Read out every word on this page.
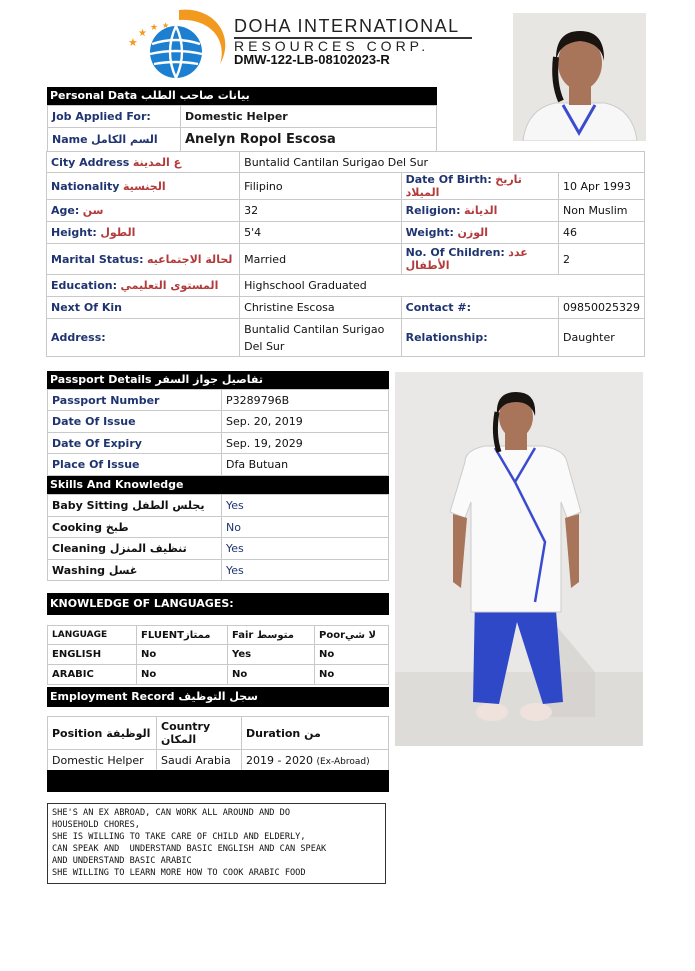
★
★ ★ ★	DOHA INTERNATIONAL
RESOURCES CORP.
DMW-122-LB-08102023-R
Personal Data بيانات صاحب الطلب
Job Applied For:	Domestic Helper
Name السم الكامل	Anelyn Ropol Escosa
City Address ع المدينة	Buntalid Cantilan Surigao Del Sur		
Nationality الجنسية	Filipino	Date Of Birth: تاريخ الميلاد	10 Apr 1993
Age: سن	32	Religion: الديانة	Non Muslim
Height: الطول	5'4	Weight: الوزن	46
Marital Status: لحالة الاجتماعيه	Married	No. Of Children: عدد الأطفال	2
Education: المستوى التعليمي	Highschool Graduated		
Next Of Kin	Christine Escosa	Contact #:	09850025329
Address:	Buntalid Cantilan Surigao Del Sur	Relationship:	Daughter
Passport Details تفاصيل جواز السفر
Passport Number	P3289796B
Date Of Issue	Sep. 20, 2019
Date Of Expiry	Sep. 19, 2029
Place Of Issue	Dfa Butuan
Skills And Knowledge
Baby Sitting يجلس الطفل	Yes
Cooking طبخ	No
Cleaning تنظيف المنزل	Yes
Washing غسل	Yes
KNOWLEDGE OF LANGUAGES:
LANGUAGE	FLUENTممتاز	Fair متوسط	Poorلا شي
ENGLISH	No	Yes	No
ARABIC	No	No	No
Employment Record سجل التوظيف
Position الوظيفة	Country المكان	Duration من
Domestic Helper	Saudi Arabia	2019 - 2020 (Ex-Abroad)
SHE'S AN EX ABROAD, CAN WORK ALL AROUND AND DO
HOUSEHOLD CHORES,
SHE IS WILLING TO TAKE CARE OF CHILD AND ELDERLY,
CAN SPEAK AND  UNDERSTAND BASIC ENGLISH AND CAN SPEAK
AND UNDERSTAND BASIC ARABIC
SHE WILLING TO LEARN MORE HOW TO COOK ARABIC FOOD
